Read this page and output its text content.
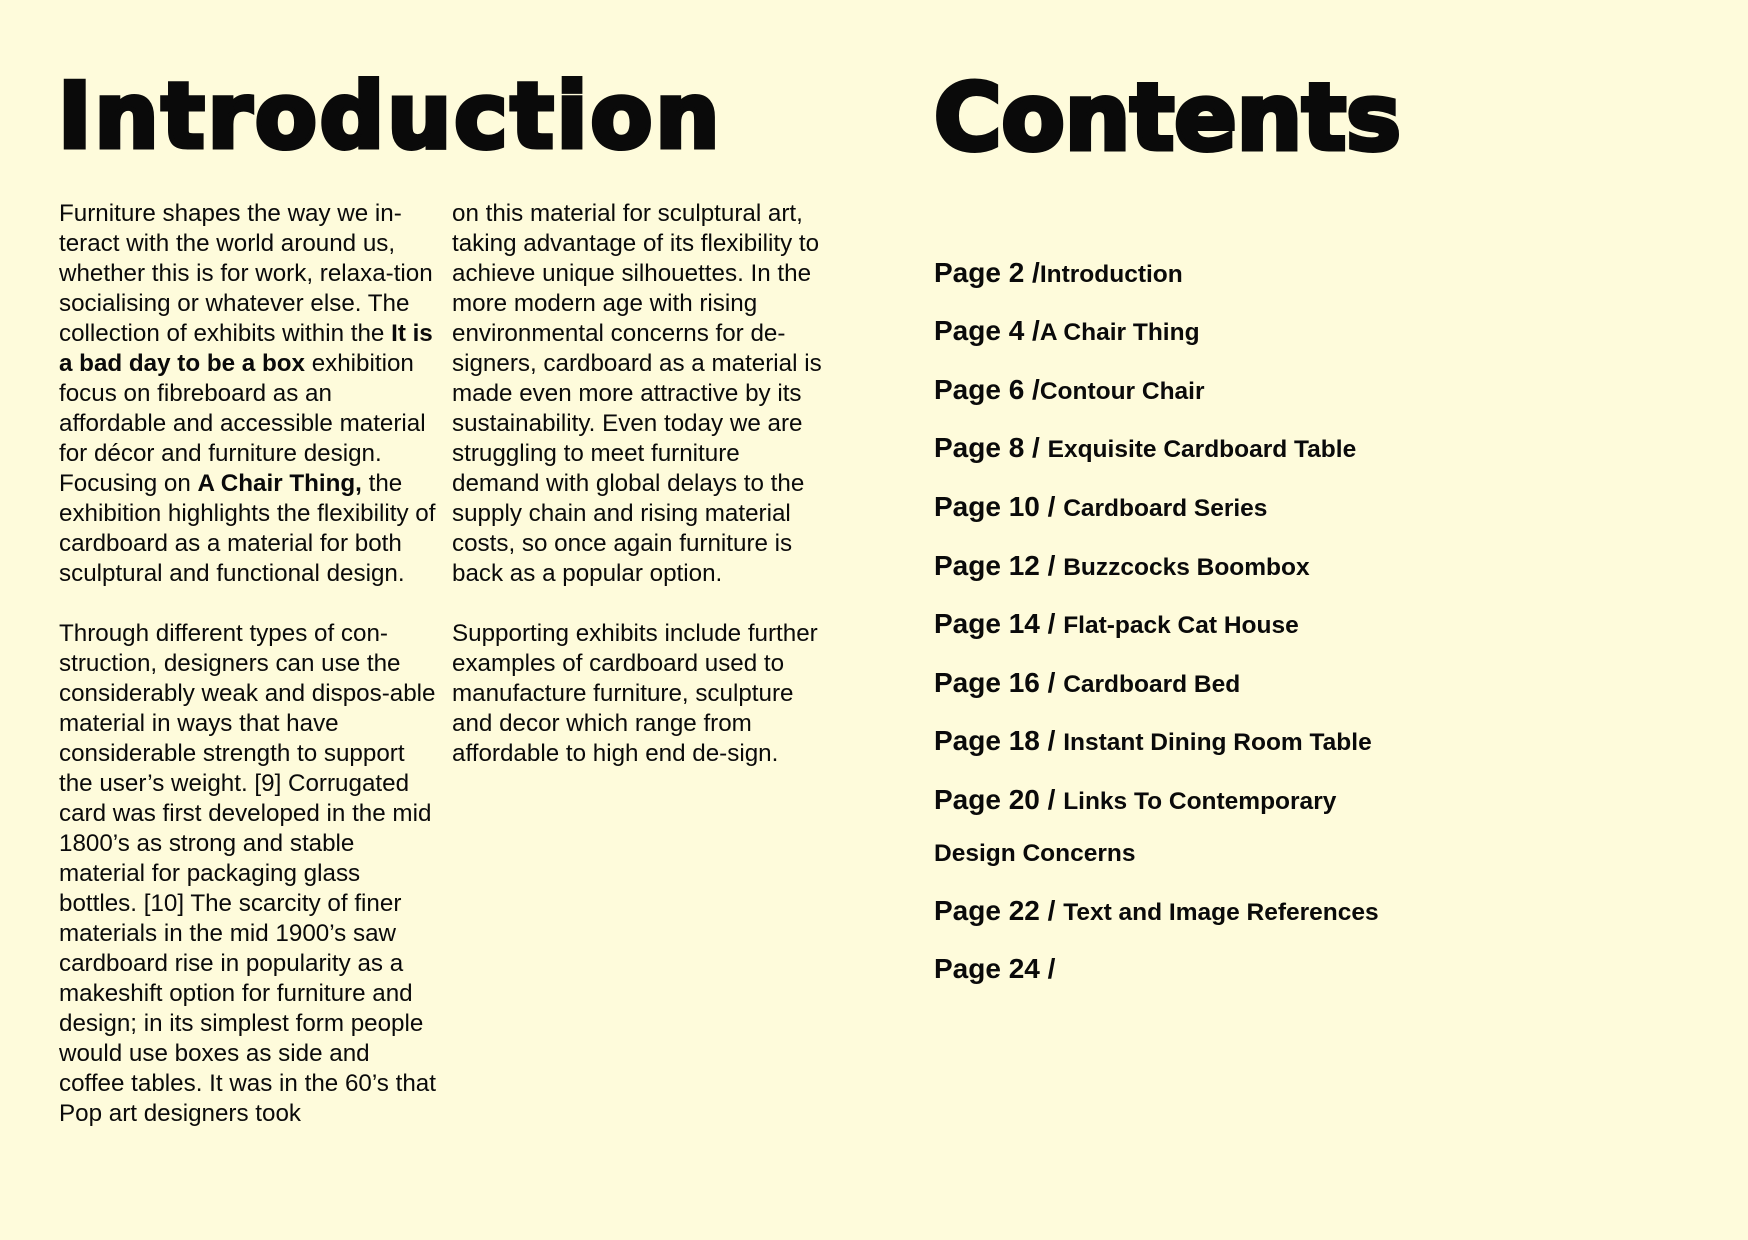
Introduction

Furniture shapes the way we in-teract with the world around us, whether this is for work, relaxa-tion socialising or whatever else. The collection of exhibits within the It is a bad day to be a box exhibition focus on fibreboard as an affordable and accessible material for décor and furniture design. Focusing on A Chair Thing, the exhibition highlights the flexibility of cardboard as a material for both sculptural and functional design.

Through different types of con-struction, designers can use the considerably weak and dispos-able material in ways that have considerable strength to support the user’s weight. [9] Corrugated card was first developed in the mid 1800’s as strong and stable material for packaging glass bottles. [10] The scarcity of finer materials in the mid 1900’s saw cardboard rise in popularity as a makeshift option for furniture and design; in its simplest form people would use boxes as side and coffee tables. It was in the 60’s that Pop art designers took

on this material for sculptural art, taking advantage of its flexibility to achieve unique silhouettes. In the more modern age with rising environmental concerns for de-signers, cardboard as a material is made even more attractive by its sustainability. Even today we are struggling to meet furniture demand with global delays to the supply chain and rising material costs, so once again furniture is back as a popular option.

Supporting exhibits include further examples of cardboard used to manufacture furniture, sculpture and decor which range from affordable to high end de-sign.

Contents
Page 2 /Introduction
Page 4 /A Chair Thing
Page 6 /Contour Chair
Page 8 / Exquisite Cardboard Table
Page 10 / Cardboard Series
Page 12 / Buzzcocks Boombox
Page 14 / Flat-pack Cat House
Page 16 / Cardboard Bed
Page 18 / Instant Dining Room Table
Page 20 / Links To Contemporary
Design Concerns
Page 22 / Text and Image References
Page 24 /
